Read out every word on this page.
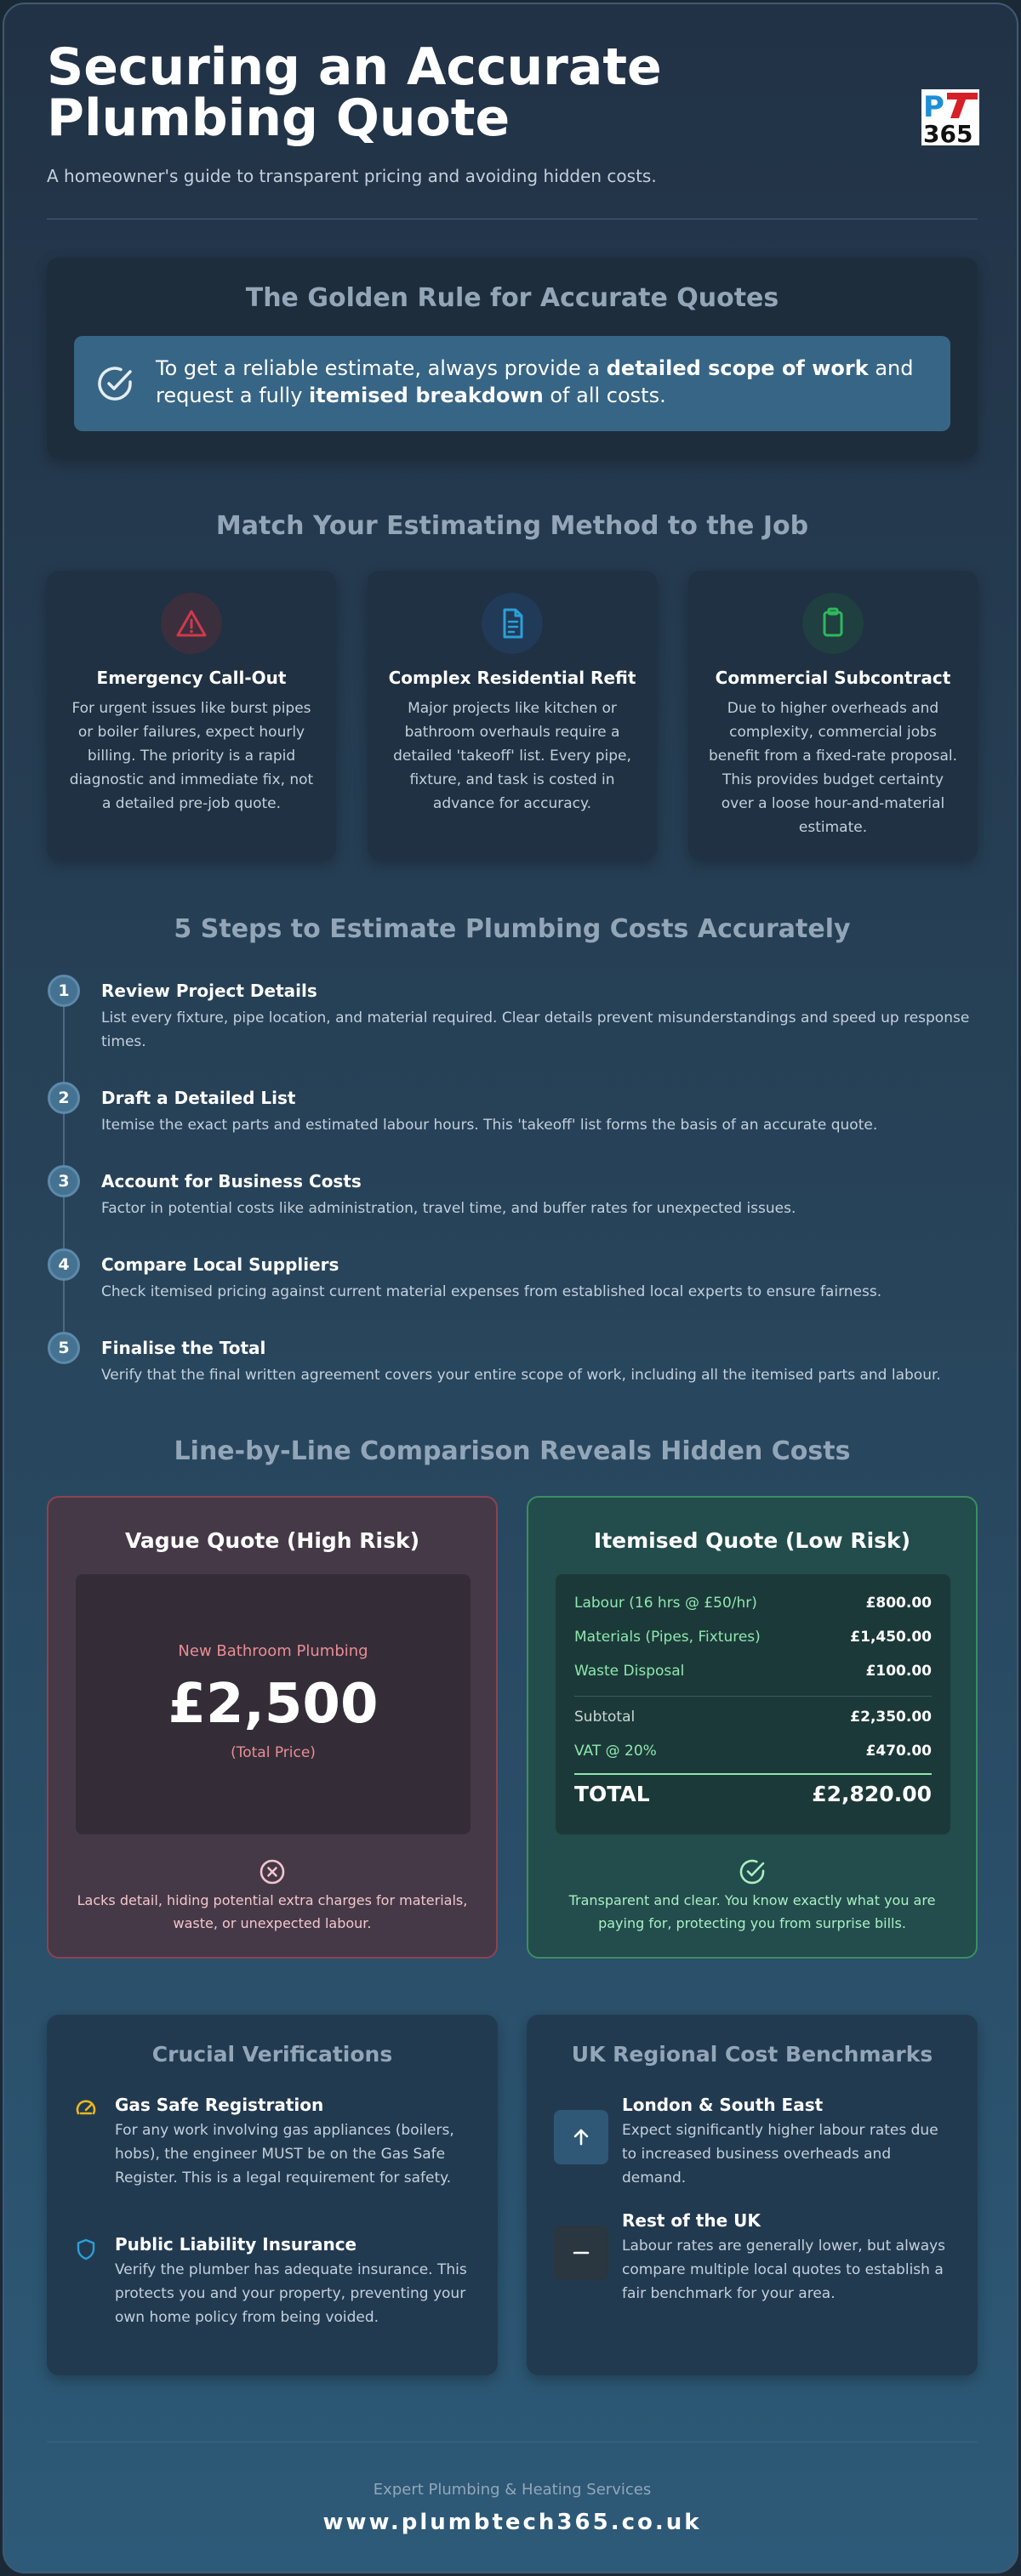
Securing an Accurate Plumbing Quote
A homeowner's guide to transparent pricing and avoiding hidden costs.
P
365
The Golden Rule for Accurate Quotes
To get a reliable estimate, always provide a detailed scope of work and request a fully itemised breakdown of all costs.
Match Your Estimating Method to the Job
Emergency Call-Out
For urgent issues like burst pipes or boiler failures, expect hourly billing. The priority is a rapid diagnostic and immediate fix, not a detailed pre-job quote.
Complex Residential Refit
Major projects like kitchen or bathroom overhauls require a detailed 'takeoff' list. Every pipe, fixture, and task is costed in advance for accuracy.
Commercial Subcontract
Due to higher overheads and complexity, commercial jobs benefit from a fixed-rate proposal. This provides budget certainty over a loose hour-and-material estimate.
5 Steps to Estimate Plumbing Costs Accurately
1	Review Project Details
List every fixture, pipe location, and material required. Clear details prevent misunderstandings and speed up response times.
2	Draft a Detailed List
Itemise the exact parts and estimated labour hours. This 'takeoff' list forms the basis of an accurate quote.
3	Account for Business Costs
Factor in potential costs like administration, travel time, and buffer rates for unexpected issues.
4	Compare Local Suppliers
Check itemised pricing against current material expenses from established local experts to ensure fairness.
5	Finalise the Total
Verify that the final written agreement covers your entire scope of work, including all the itemised parts and labour.
Line-by-Line Comparison Reveals Hidden Costs
Vague Quote (High Risk)
New Bathroom Plumbing
£2,500
(Total Price)
Lacks detail, hiding potential extra charges for materials, waste, or unexpected labour.
Itemised Quote (Low Risk)
Labour (16 hrs @ £50/hr)	£800.00
Materials (Pipes, Fixtures)	£1,450.00
Waste Disposal	£100.00
Subtotal	£2,350.00
VAT @ 20%	£470.00
TOTAL	£2,820.00
Transparent and clear. You know exactly what you are paying for, protecting you from surprise bills.
Crucial Verifications
Gas Safe Registration
For any work involving gas appliances (boilers, hobs), the engineer MUST be on the Gas Safe Register. This is a legal requirement for safety.
Public Liability Insurance
Verify the plumber has adequate insurance. This protects you and your property, preventing your own home policy from being voided.
UK Regional Cost Benchmarks
London & South East
Expect significantly higher labour rates due to increased business overheads and demand.
Rest of the UK
Labour rates are generally lower, but always compare multiple local quotes to establish a fair benchmark for your area.
Expert Plumbing & Heating Services
www.plumbtech365.co.uk
